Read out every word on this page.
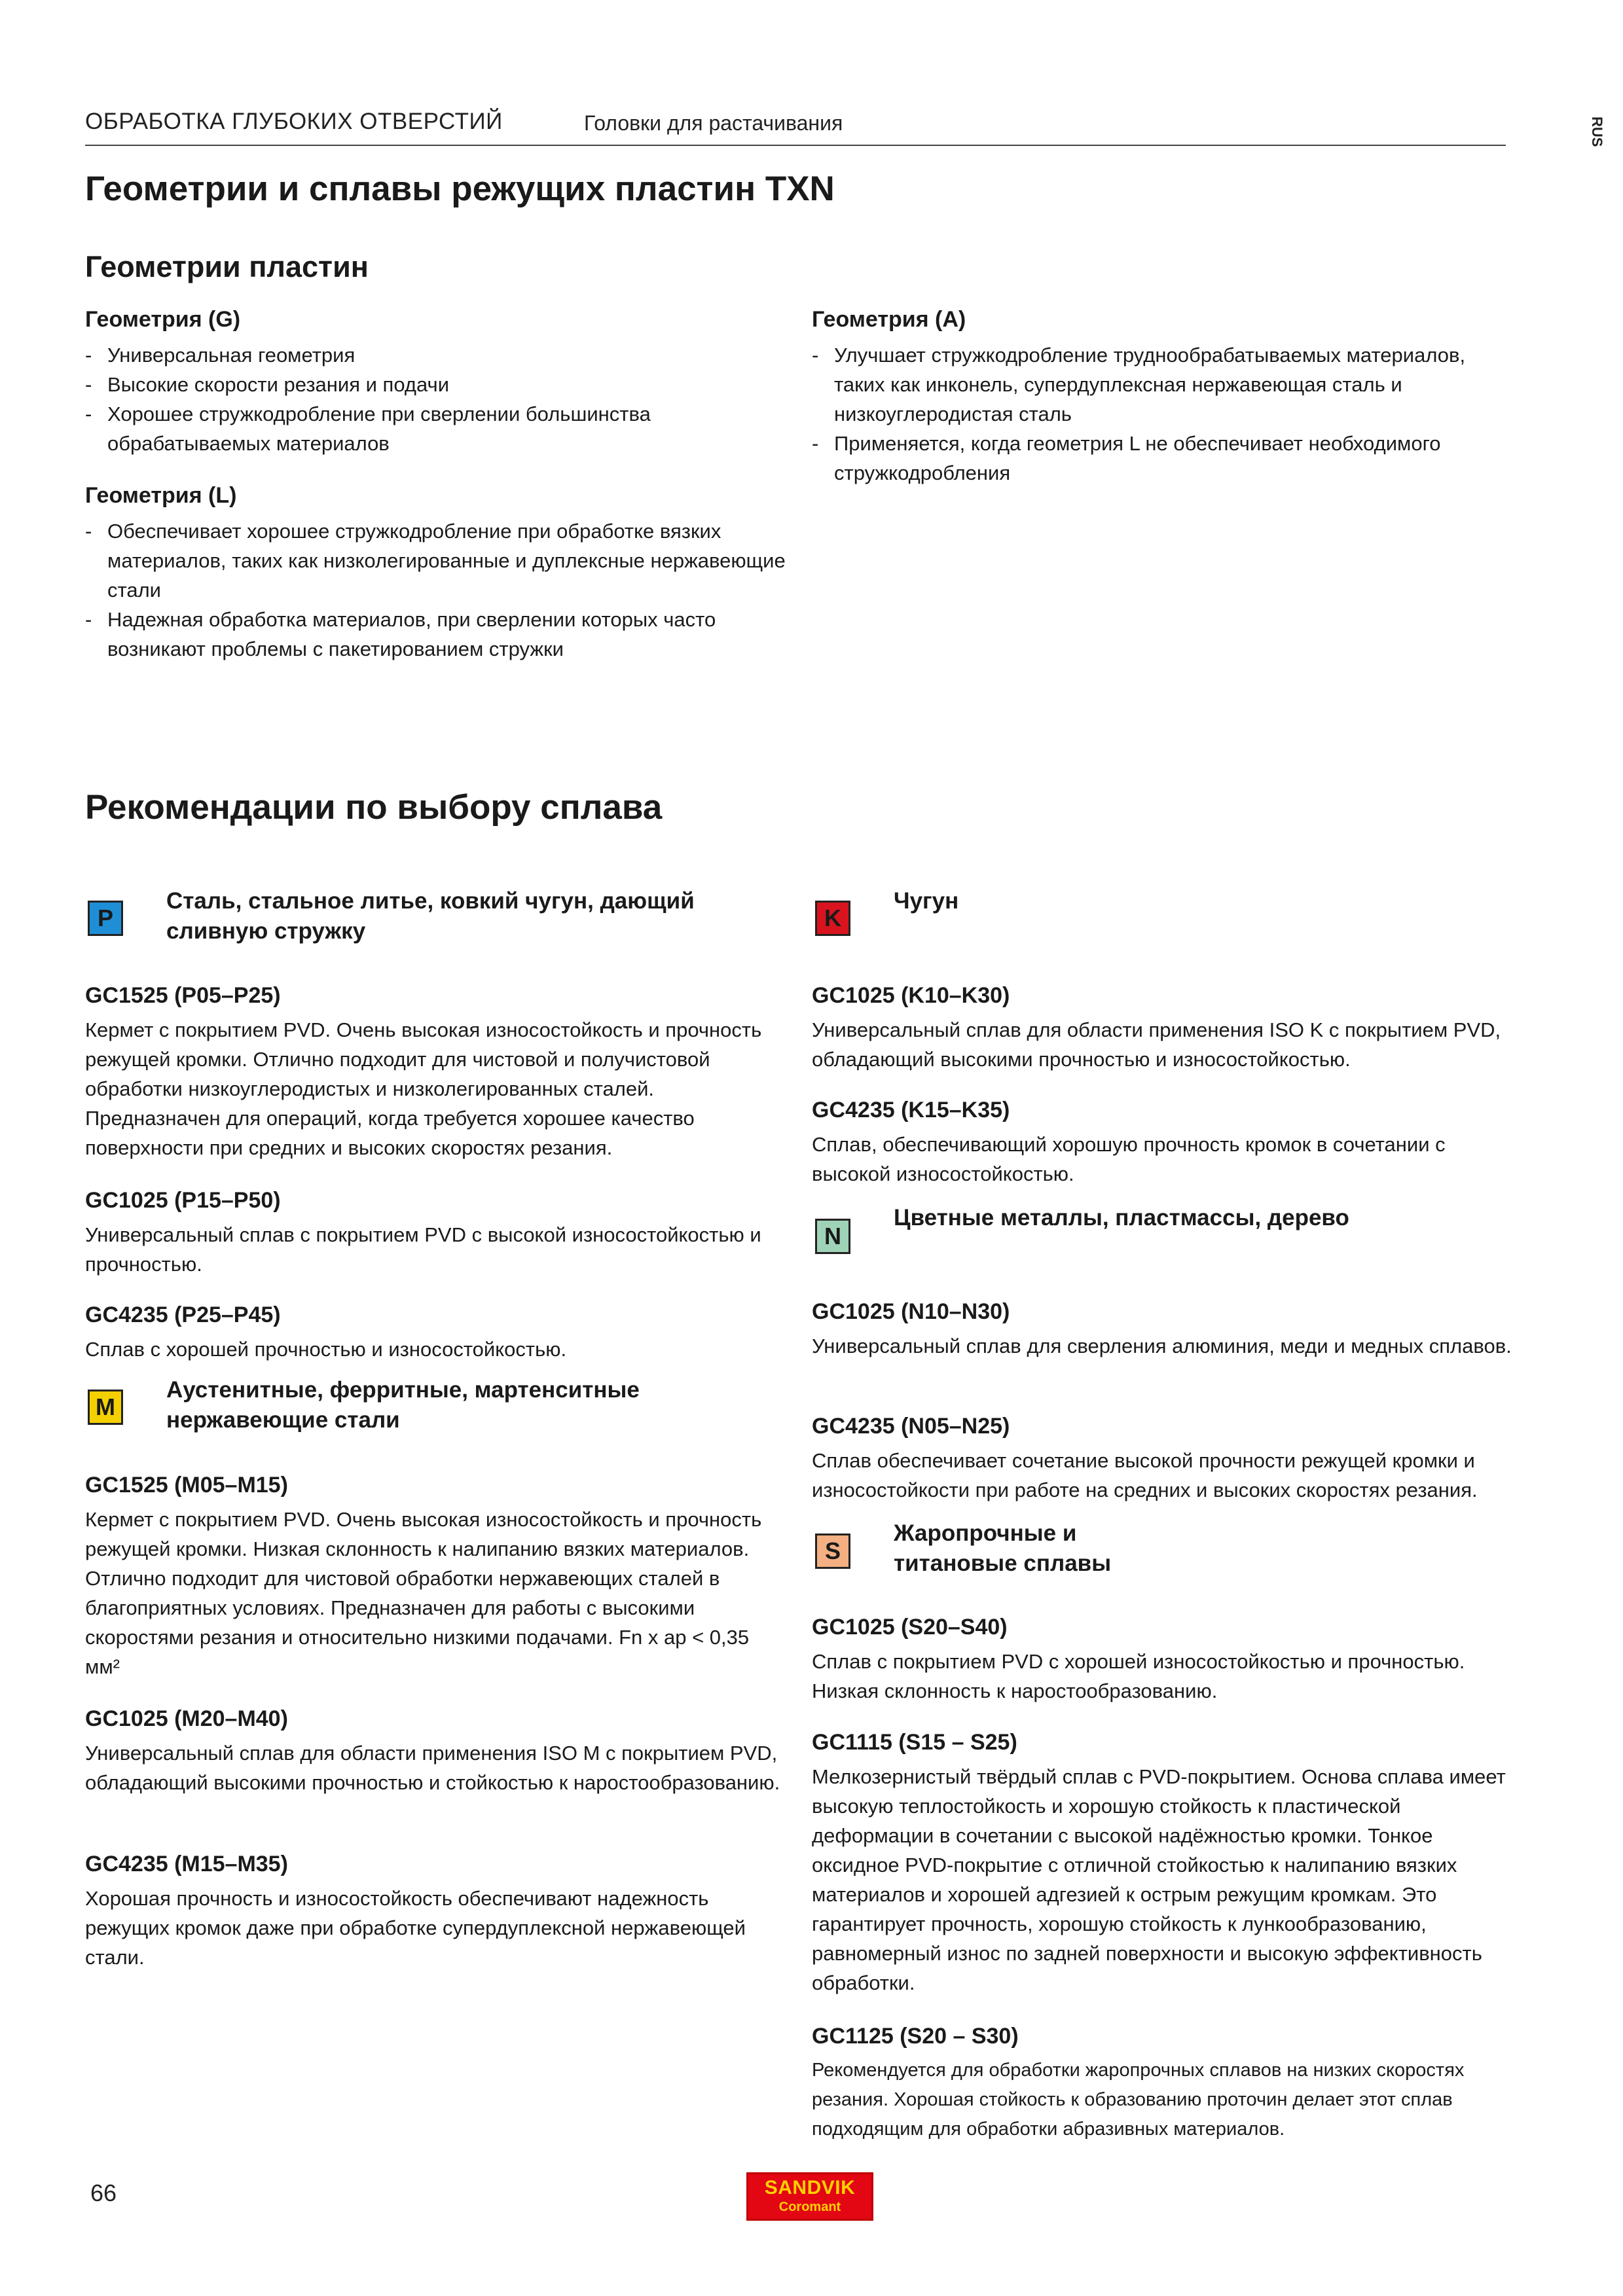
ОБРАБОТКА ГЛУБОКИХ ОТВЕРСТИЙ	Головки для растачивания	RUS
Геометрии и сплавы режущих пластин TXN
Геометрии пластин
Геометрия (G)
- Универсальная геометрия
- Высокие скорости резания и подачи
- Хорошее стружкодробление при сверлении большинства обрабатываемых материалов
Геометрия (L)
- Обеспечивает хорошее стружкодробление при обработке вязких материалов, таких как низколегированные и дуплексные нержавеющие стали
- Надежная обработка материалов, при сверлении которых часто возникают проблемы с пакетированием стружки
Геометрия (A)
- Улучшает стружкодробление труднообрабатываемых материалов, таких как инконель, супердуплексная нержавеющая сталь и низкоуглеродистая сталь
- Применяется, когда геометрия L не обеспечивает необходимого стружкодробления
Рекомендации по выбору сплава
P
Сталь, стальное литье, ковкий чугун, дающий сливную стружку
GC1525 (P05–P25)

Кермет с покрытием PVD. Очень высокая износостойкость и прочность режущей кромки. Отлично подходит для чистовой и получистовой обработки низкоуглеродистых и низколегированных сталей. Предназначен для операций, когда требуется хорошее качество поверхности при средних и высоких скоростях резания.

GC1025 (P15–P50)

Универсальный сплав с покрытием PVD с высокой износостойкостью и прочностью.

GC4235 (P25–P45)

Сплав с хорошей прочностью и износостойкостью.

M
Аустенитные, ферритные, мартенситные нержавеющие стали
GC1525 (M05–M15)

Кермет с покрытием PVD. Очень высокая износостойкость и прочность режущей кромки. Низкая склонность к налипанию вязких материалов. Отлично подходит для чистовой обработки нержавеющих сталей в благоприятных условиях. Предназначен для работы с высокими скоростями резания и относительно низкими подачами. Fn x ap < 0,35 мм²

GC1025 (M20–M40)

Универсальный сплав для области применения ISO M с покрытием PVD, обладающий высокими прочностью и стойкостью к наростообразованию.

GC4235 (M15–M35)

Хорошая прочность и износостойкость обеспечивают надежность режущих кромок даже при обработке супердуплексной нержавеющей стали.

K
Чугун
GC1025 (K10–K30)

Универсальный сплав для области применения ISO K с покрытием PVD, обладающий высокими прочностью и износостойкостью.

GC4235 (K15–K35)

Сплав, обеспечивающий хорошую прочность кромок в сочетании с высокой износостойкостью.

N
Цветные металлы, пластмассы, дерево
GC1025 (N10–N30)

Универсальный сплав для сверления алюминия, меди и медных сплавов.

GC4235 (N05–N25)

Сплав обеспечивает сочетание высокой прочности режущей кромки и износостойкости при работе на средних и высоких скоростях резания.

S
Жаропрочные и титановые сплавы
GC1025 (S20–S40)

Сплав с покрытием PVD с хорошей износостойкостью и прочностью. Низкая склонность к наростообразованию.

GC1115 (S15 – S25)

Мелкозернистый твёрдый сплав с PVD-покрытием. Основа сплава имеет высокую теплостойкость и хорошую стойкость к пластической деформации в сочетании с высокой надёжностью кромки. Тонкое оксидное PVD-покрытие с отличной стойкостью к налипанию вязких материалов и хорошей адгезией к острым режущим кромкам. Это гарантирует прочность, хорошую стойкость к лункообразованию, равномерный износ по задней поверхности и высокую эффективность обработки.

GC1125 (S20 – S30)

Рекомендуется для обработки жаропрочных сплавов на низких скоростях резания. Хорошая стойкость к образованию проточин делает этот сплав подходящим для обработки абразивных материалов.

66	SANDVIK
Coromant
